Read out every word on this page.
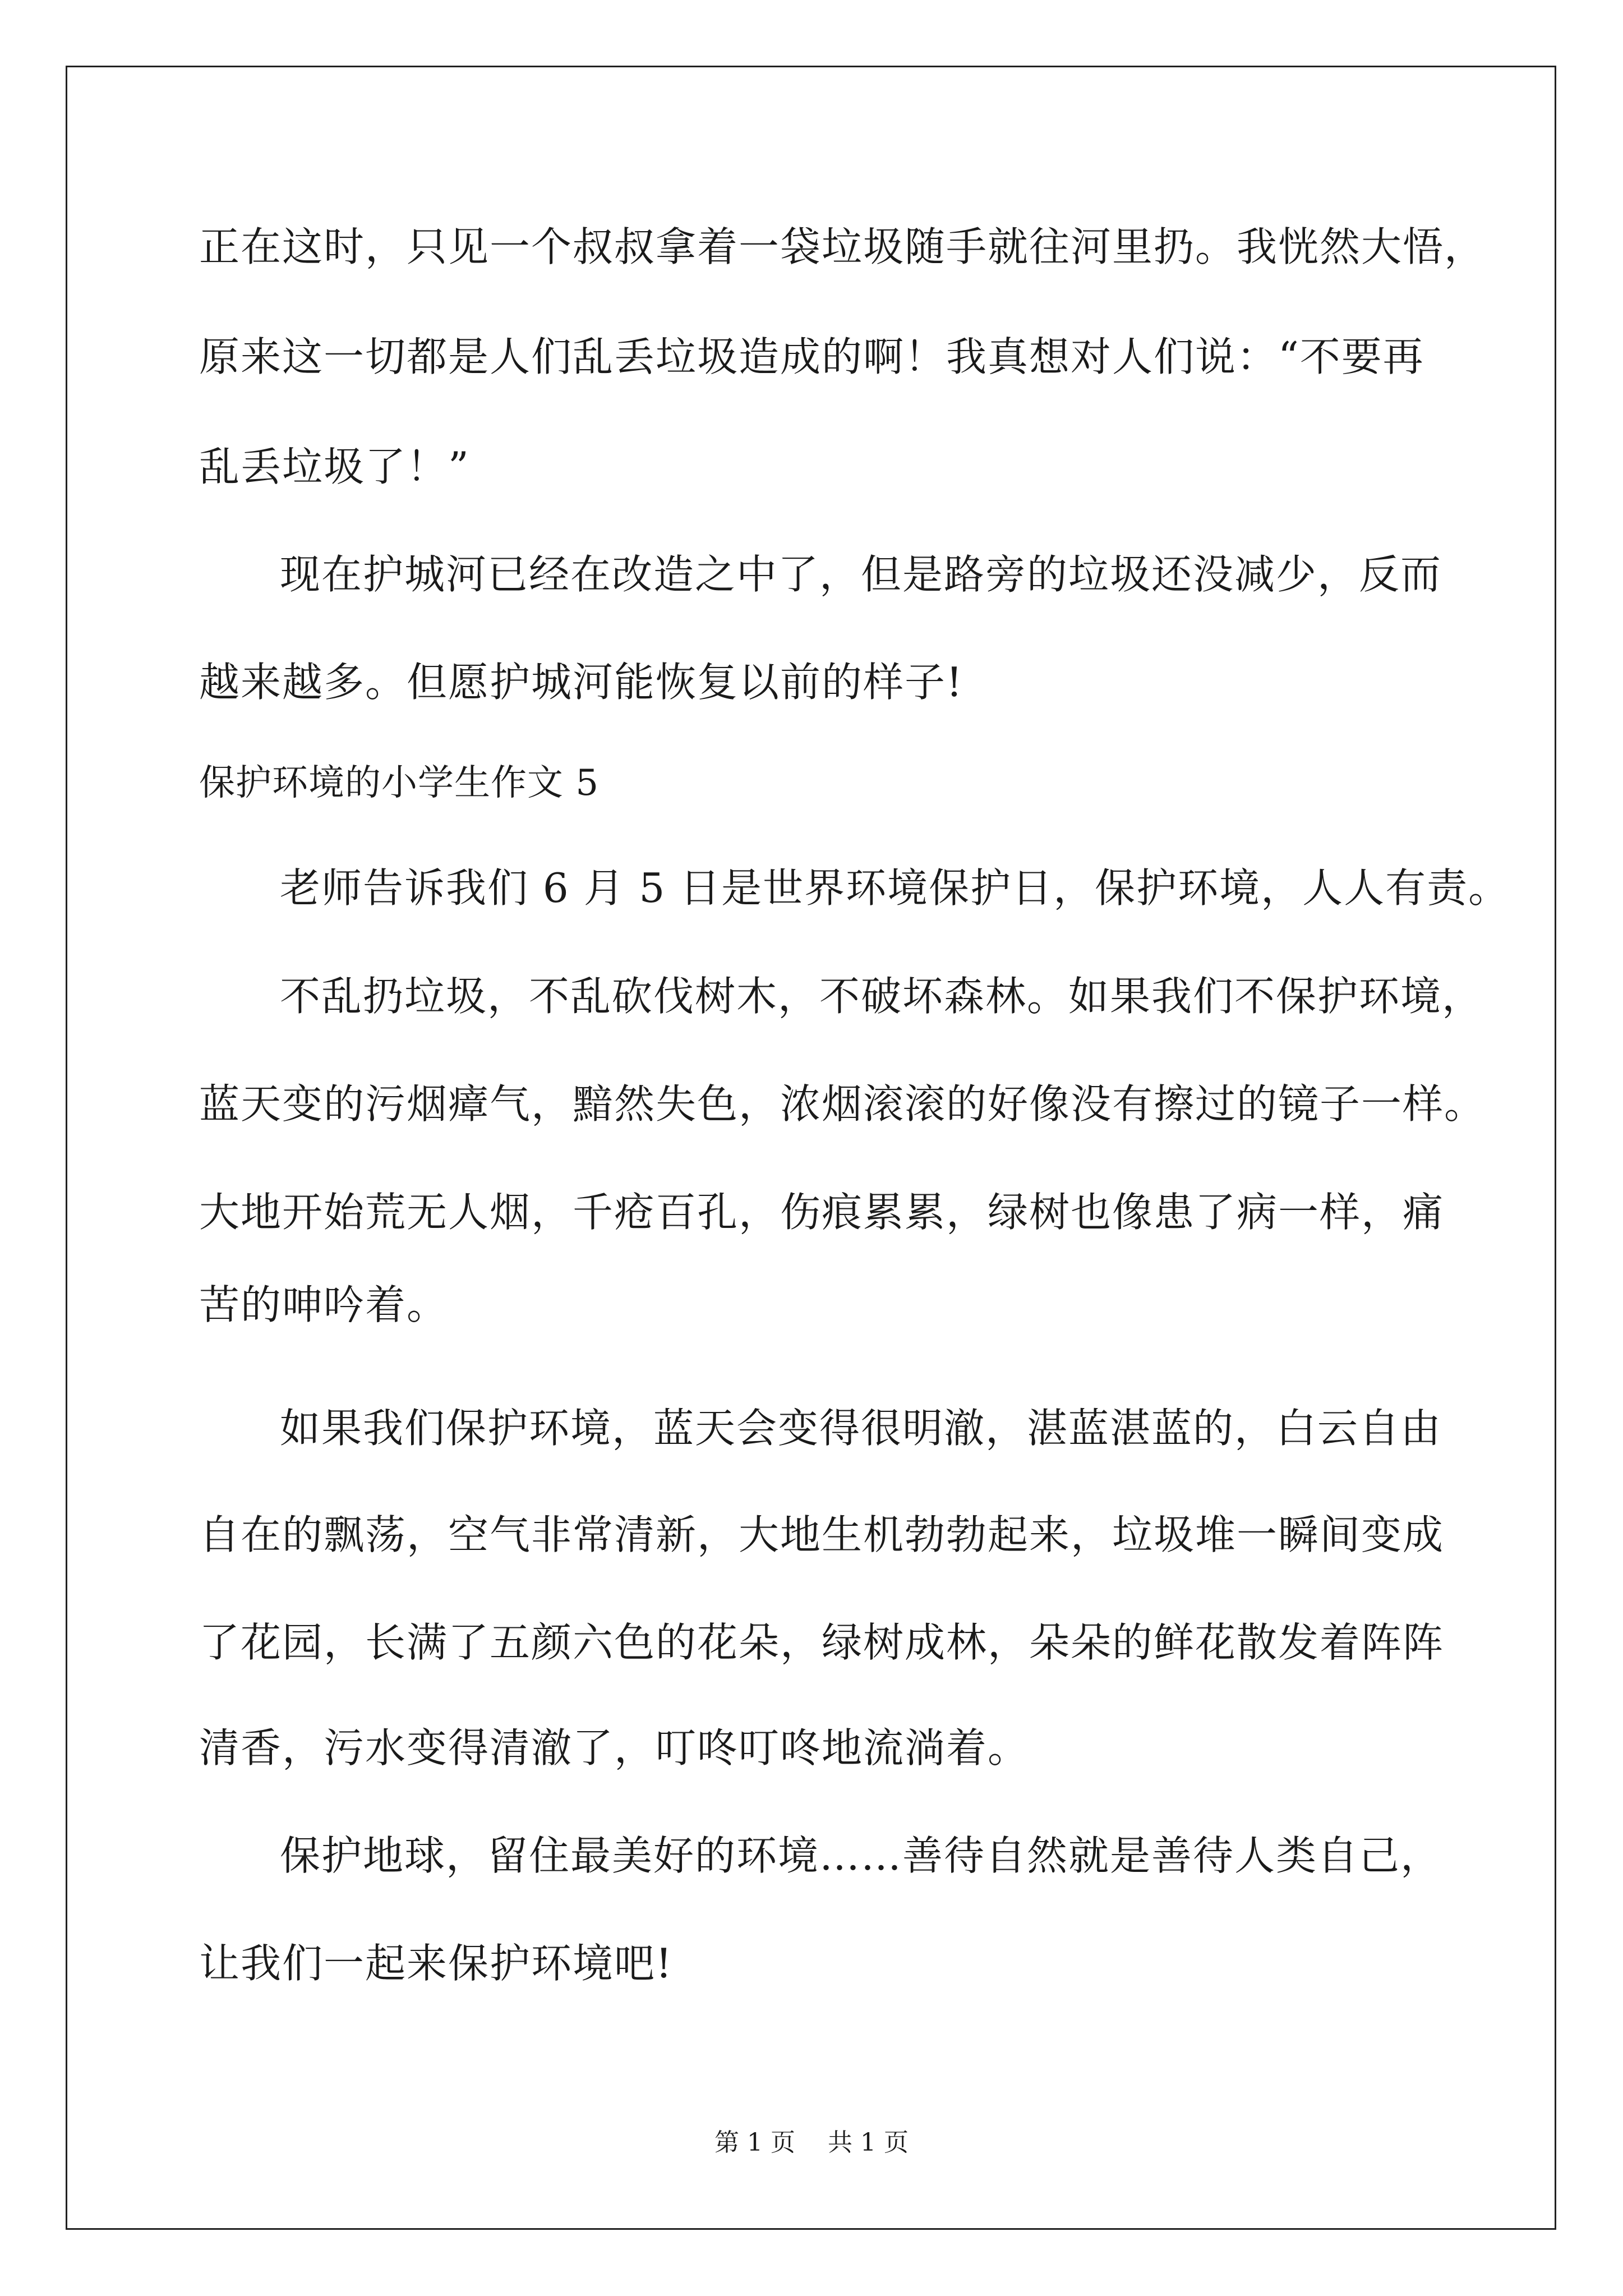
正在这时，只见一个叔叔拿着一袋垃圾随手就往河里扔。我恍然大悟，
原来这一切都是人们乱丢垃圾造成的啊！我真想对人们说：“不要再
乱丢垃圾了！”
现在护城河已经在改造之中了，但是路旁的垃圾还没减少，反而
越来越多。但愿护城河能恢复以前的样子!
保护环境的小学生作文 5
老师告诉我们 6 月 5 日是世界环境保护日，保护环境，人人有责。
不乱扔垃圾，不乱砍伐树木，不破坏森林。如果我们不保护环境，
蓝天变的污烟瘴气，黯然失色，浓烟滚滚的好像没有擦过的镜子一样。
大地开始荒无人烟，千疮百孔，伤痕累累，绿树也像患了病一样，痛
苦的呻吟着。
如果我们保护环境，蓝天会变得很明澈，湛蓝湛蓝的，白云自由
自在的飘荡，空气非常清新，大地生机勃勃起来，垃圾堆一瞬间变成
了花园，长满了五颜六色的花朵，绿树成林，朵朵的鲜花散发着阵阵
清香，污水变得清澈了，叮咚叮咚地流淌着。
保护地球，留住最美好的环境……善待自然就是善待人类自己，
让我们一起来保护环境吧!
第 1 页　 共 1 页
